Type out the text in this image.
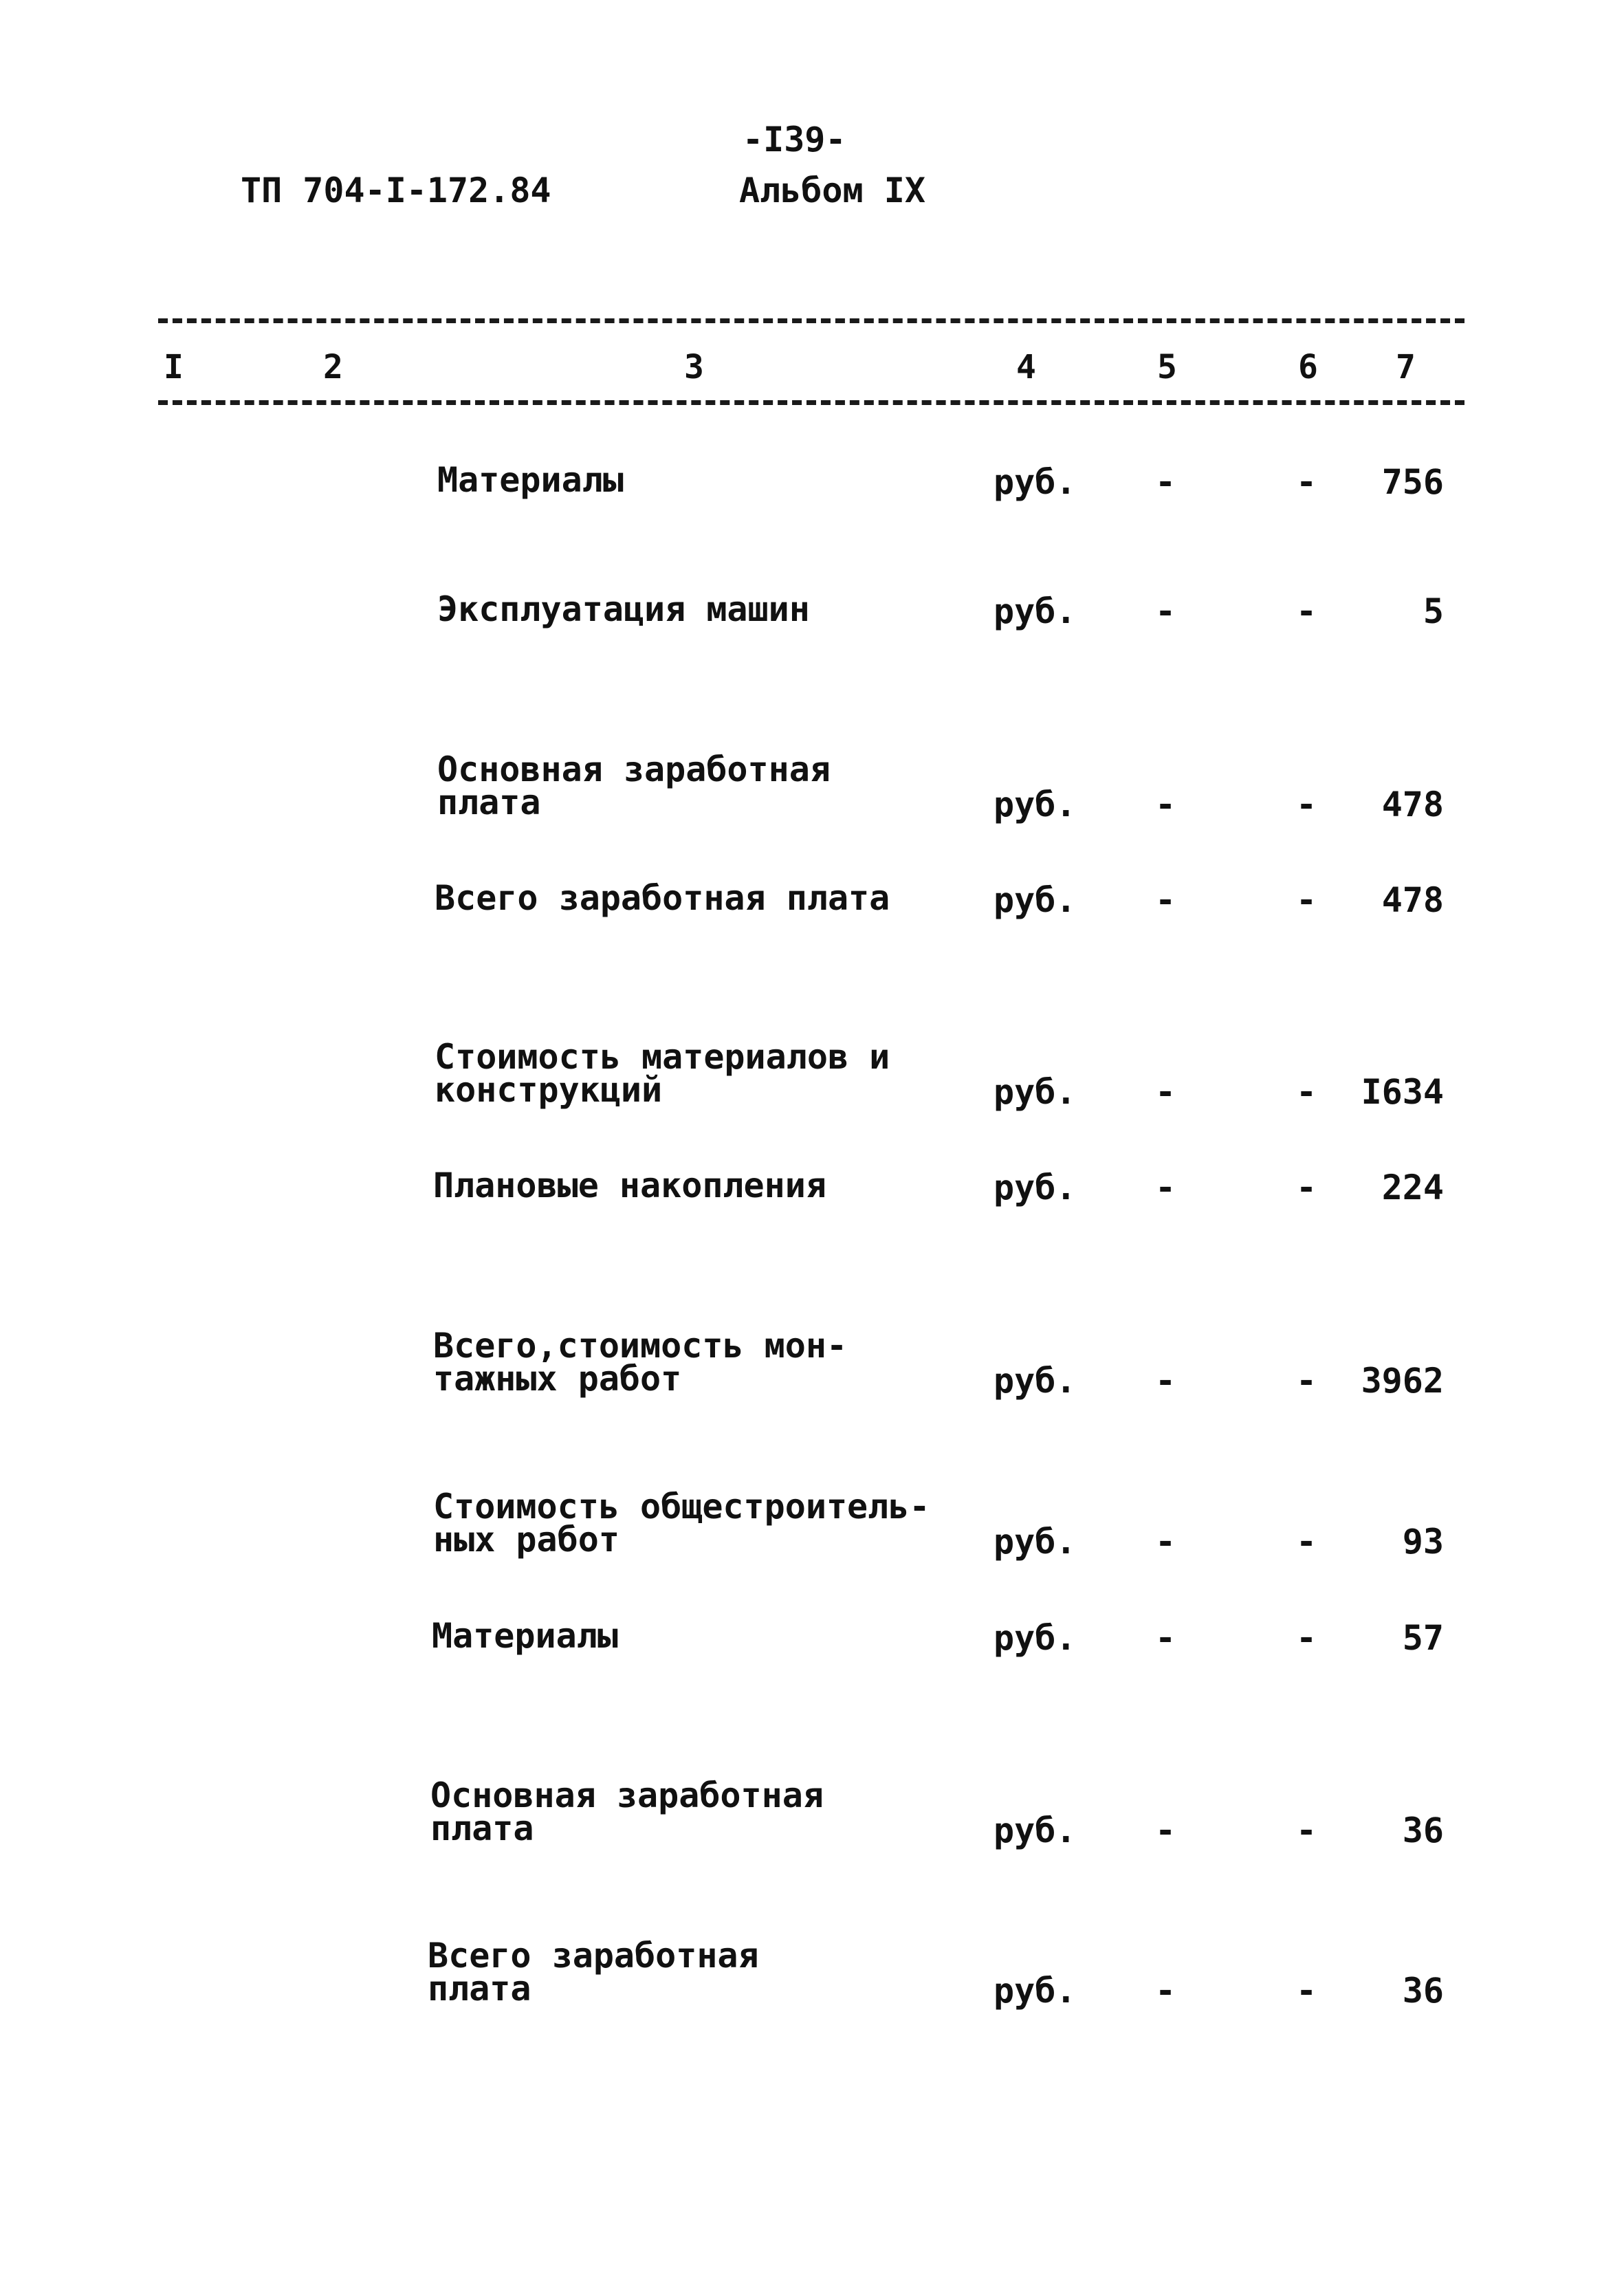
-I39-
ТП 704-I-172.84	Альбом IX
I	2	3	4	5	6 7
Материалы	руб. -	-	756
Эксплуатация машин	руб. -	-	5
Основная заработная
плата	руб. -	-	478
Всего заработная плата	руб. -	-	478
Стоимость материалов и
конструкций	руб. -	-	I634
Плановые накопления	руб. -	-	224
Всего,стоимость мон-
тажных работ	руб. -	-	3962
Стоимость общестроитель-
ных работ	руб. -	-	93
Материалы	руб. -	-	57
Основная заработная
плата	руб. -	-	36
Всего заработная
плата	руб. -	-	36
